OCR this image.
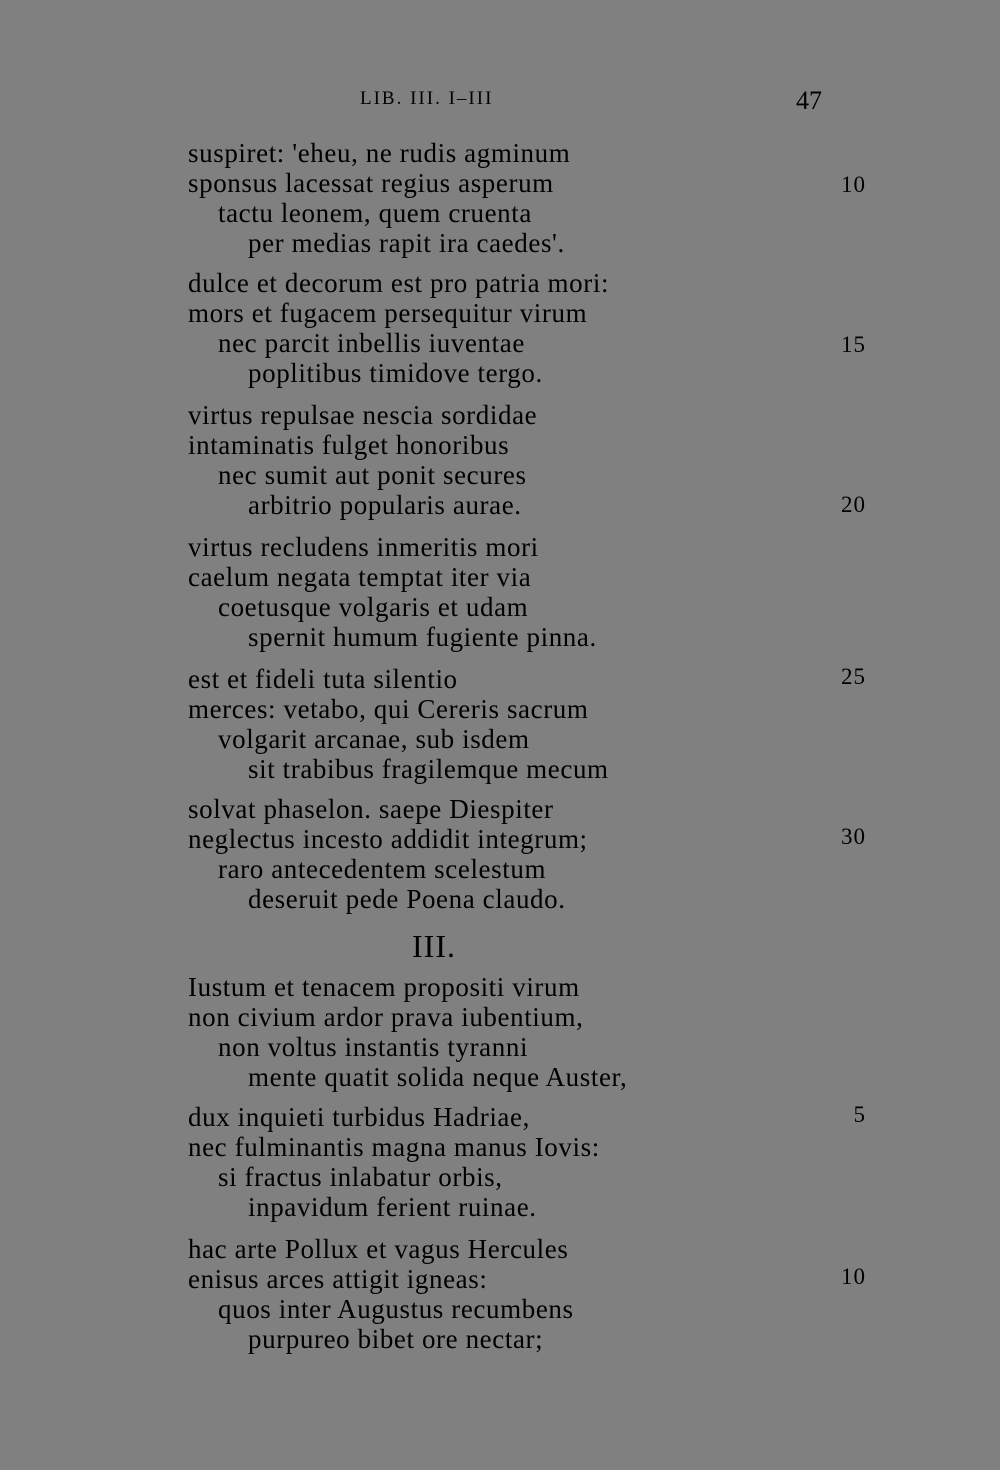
LIB. III. I–III	47
suspiret: 'eheu, ne rudis agminum
sponsus lacessat regius asperum
tactu leonem, quem cruenta
per medias rapit ira caedes'.
10
dulce et decorum est pro patria mori:
mors et fugacem persequitur virum
nec parcit inbellis iuventae
poplitibus timidove tergo.
15
virtus repulsae nescia sordidae
intaminatis fulget honoribus
nec sumit aut ponit secures
arbitrio popularis aurae.	20
virtus recludens inmeritis mori
caelum negata temptat iter via
coetusque volgaris et udam
spernit humum fugiente pinna.
est et fideli tuta silentio
merces: vetabo, qui Cereris sacrum
volgarit arcanae, sub isdem
sit trabibus fragilemque mecum
25
solvat phaselon. saepe Diespiter
neglectus incesto addidit integrum;
raro antecedentem scelestum
deseruit pede Poena claudo.
30
III.
Iustum et tenacem propositi virum
non civium ardor prava iubentium,
non voltus instantis tyranni
mente quatit solida neque Auster,
dux inquieti turbidus Hadriae,
nec fulminantis magna manus Iovis:
si fractus inlabatur orbis,
inpavidum ferient ruinae.
5
hac arte Pollux et vagus Hercules
enisus arces attigit igneas:
quos inter Augustus recumbens
purpureo bibet ore nectar;
10
